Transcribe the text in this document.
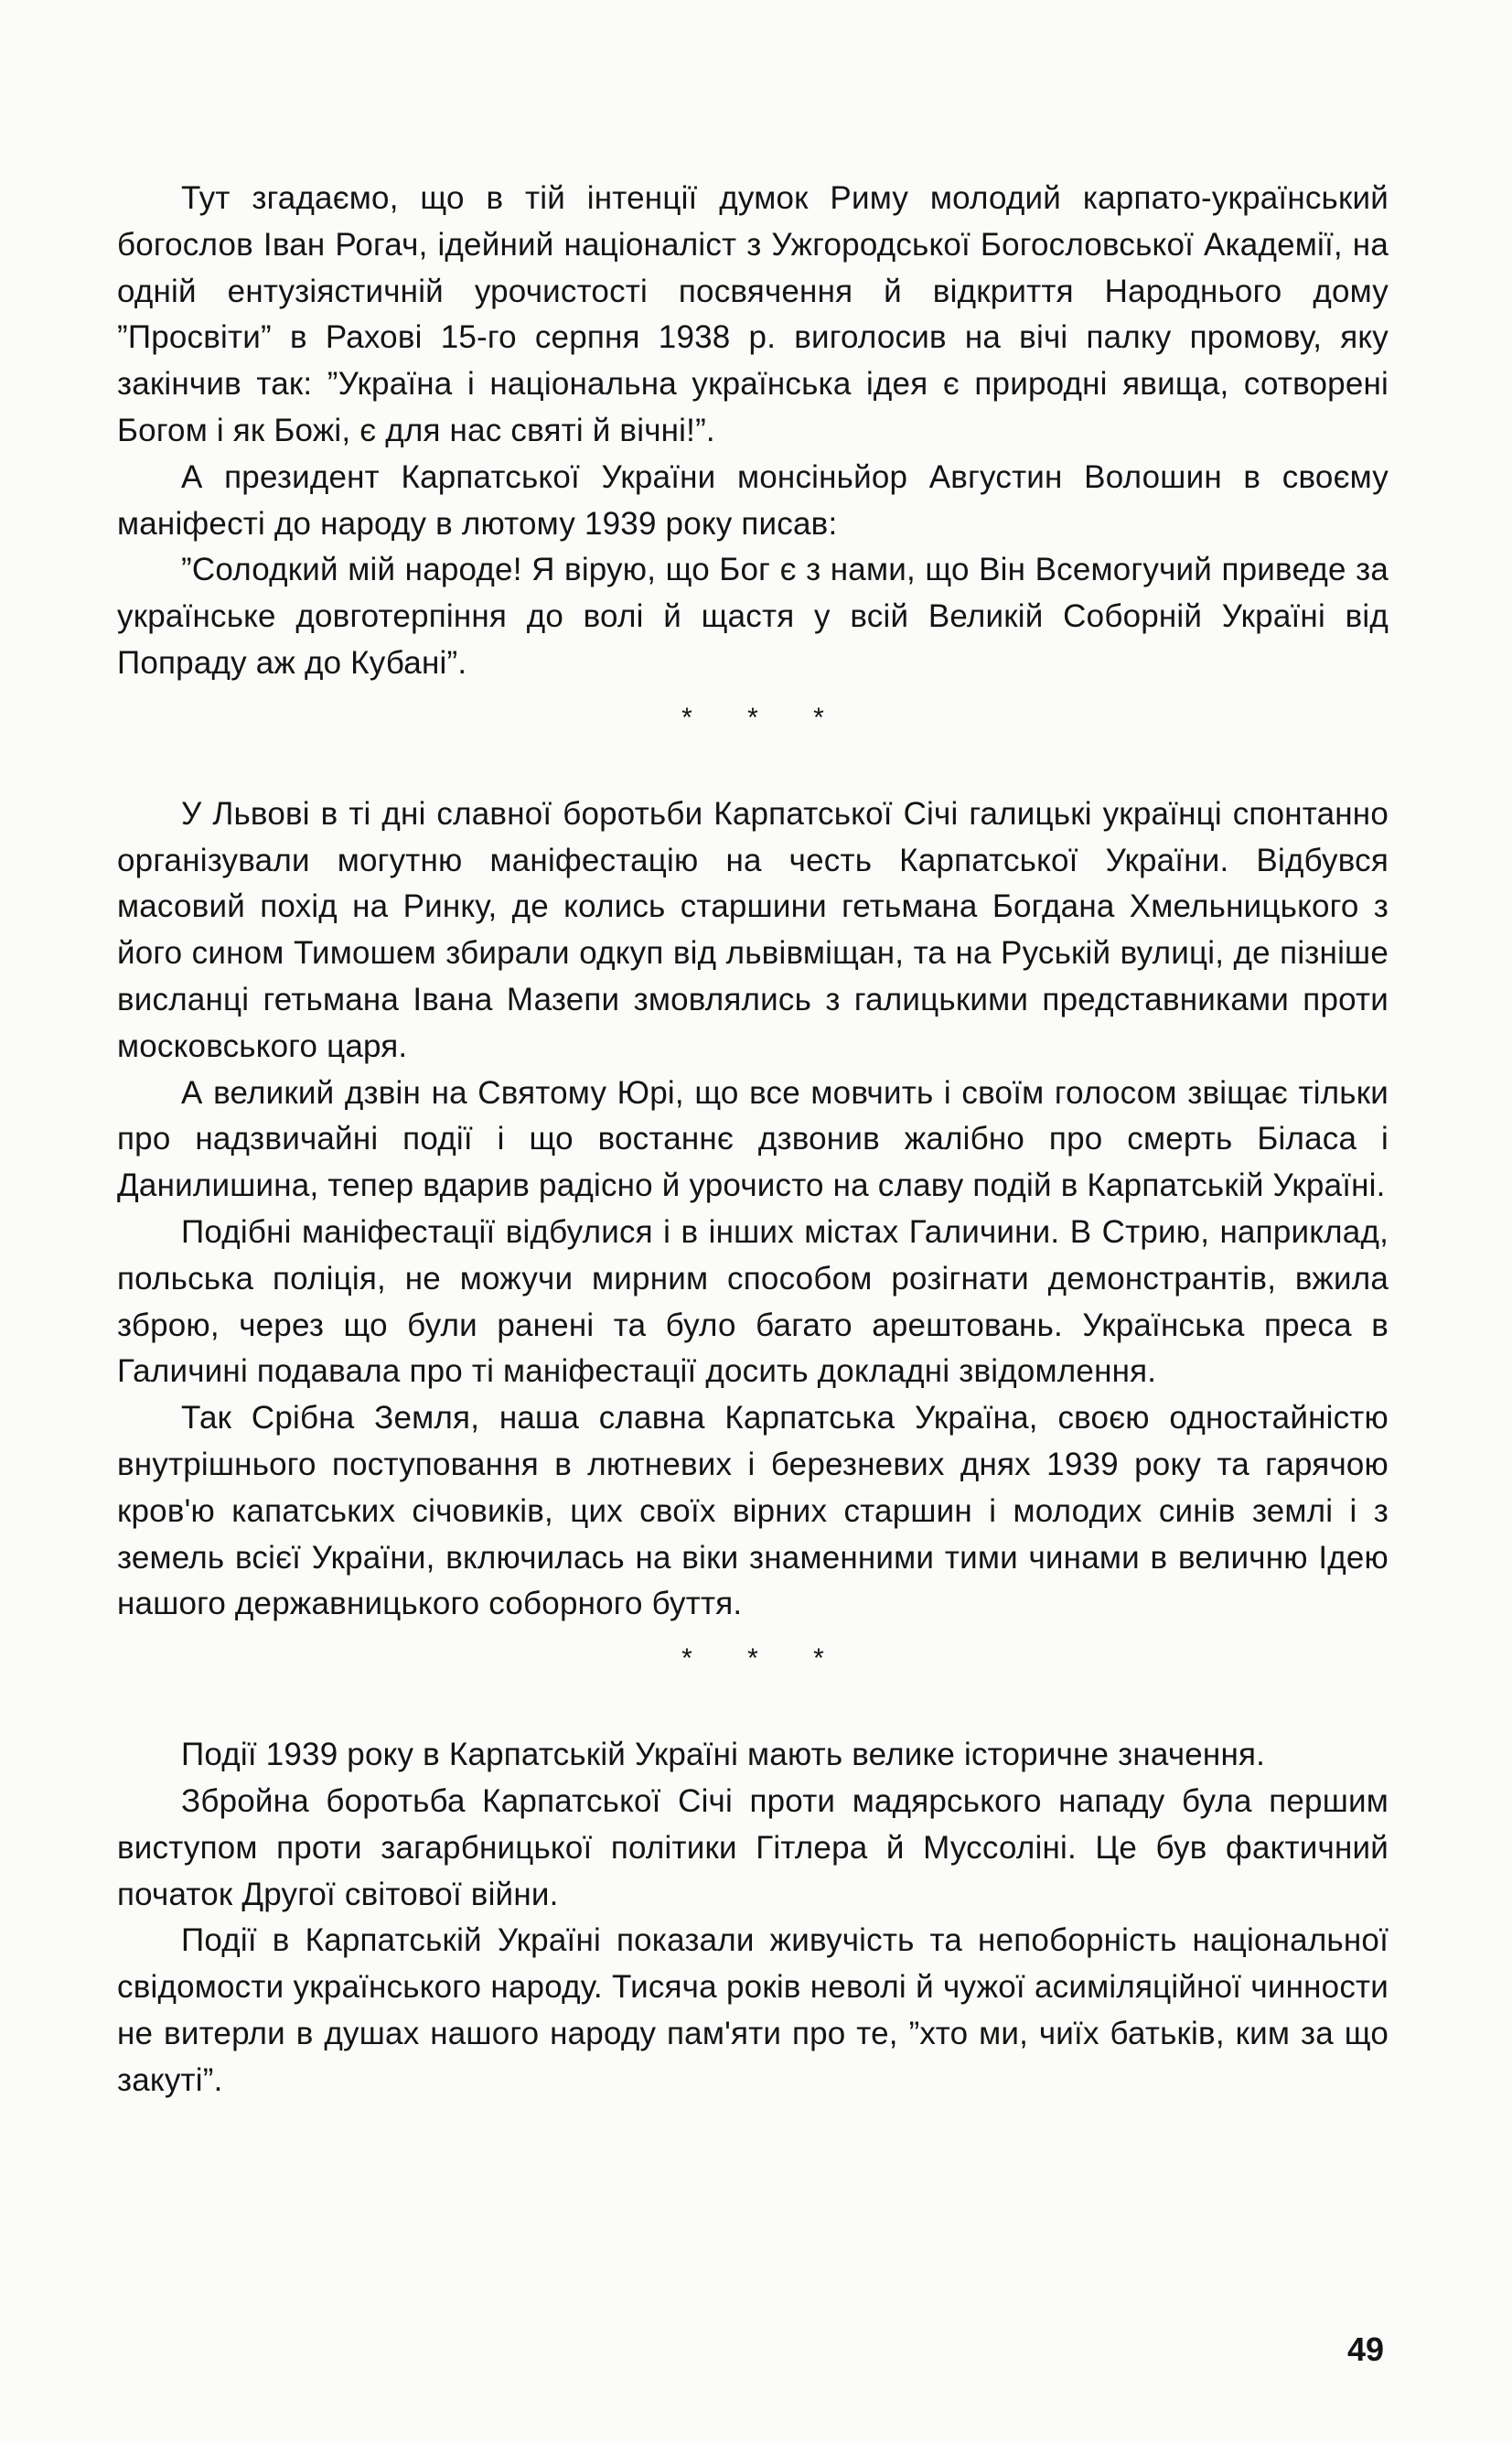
Тут згадаємо, що в тій інтенції думок Риму молодий карпато-український богослов Іван Рогач, ідейний націоналіст з Ужгородської Богословської Академії, на одній ентузіястичній урочистості посвячення й відкриття Народнього дому ”Просвіти” в Рахові 15-го серпня 1938 р. виголосив на вічі палку промову, яку закінчив так: ”Україна і національна українська ідея є природні явища, сотворені Богом і як Божі, є для нас святі й вічні!”.

А президент Карпатської України монсіньйор Августин Волошин в своєму маніфесті до народу в лютому 1939 року писав:

”Солодкий мій народе! Я вірую, що Бог є з нами, що Він Всемогучий приведе за українське довготерпіння до волі й щастя у всій Великій Соборній Україні від Попраду аж до Кубані”.

* * *

У Львові в ті дні славної боротьби Карпатської Січі галицькі українці спонтанно організували могутню маніфестацію на честь Карпатської України. Відбувся масовий похід на Ринку, де колись старшини гетьмана Богдана Хмельницького з його сином Тимошем збирали одкуп від львівміщан, та на Руській вулиці, де пізніше висланці гетьмана Івана Мазепи змовлялись з галицькими представниками проти московського царя.

А великий дзвін на Святому Юрі, що все мовчить і своїм голосом звіщає тільки про надзвичайні події і що востаннє дзвонив жалібно про смерть Біласа і Данилишина, тепер вдарив радісно й урочисто на славу подій в Карпатській Україні.

Подібні маніфестації відбулися і в інших містах Галичини. В Стрию, наприклад, польська поліція, не можучи мирним способом розігнати демонстрантів, вжила зброю, через що були ранені та було багато арештовань. Українська преса в Галичині подавала про ті маніфестації досить докладні звідомлення.

Так Срібна Земля, наша славна Карпатська Україна, своєю одностайністю внутрішнього поступовання в лютневих і березневих днях 1939 року та гарячою кров'ю капатських січовиків, цих своїх вірних старшин і молодих синів землі і з земель всієї України, включилась на віки знаменними тими чинами в величню Ідею нашого державницького соборного буття.

* * *

Події 1939 року в Карпатській Україні мають велике історичне значення.

Збройна боротьба Карпатської Січі проти мадярського нападу була першим виступом проти загарбницької політики Гітлера й Муссоліні. Це був фактичний початок Другої світової війни.

Події в Карпатській Україні показали живучість та непоборність національної свідомости українського народу. Тисяча років неволі й чужої асиміляційної чинности не витерли в душах нашого народу пам'яти про те, ”хто ми, чиїх батьків, ким за що закуті”.

49
